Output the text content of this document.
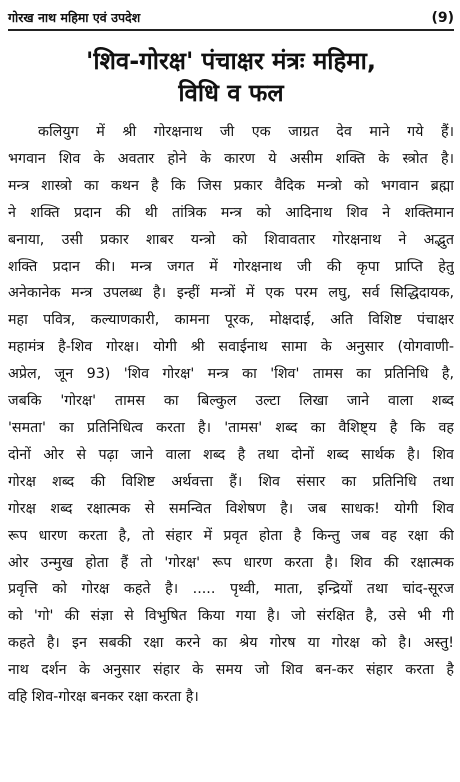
गोरख नाथ महिमा एवं उपदेश	(9)
'शिव-गोरक्ष' पंचाक्षर मंत्रः महिमा,
विधि व फल
कलियुग में श्री गोरक्षनाथ जी एक जाग्रत देव माने गये हैं।
भगवान शिव के अवतार होने के कारण ये असीम शक्ति के स्त्रोत है।
मन्त्र शास्त्रो का कथन है कि जिस प्रकार वैदिक मन्त्रो को भगवान ब्रह्मा
ने शक्ति प्रदान की थी तांत्रिक मन्त्र को आदिनाथ शिव ने शक्तिमान
बनाया, उसी प्रकार शाबर यन्त्रो को शिवावतार गोरक्षनाथ ने अद्भुत
शक्ति प्रदान की। मन्त्र जगत में गोरक्षनाथ जी की कृपा प्राप्ति हेतु
अनेकानेक मन्त्र उपलब्ध है। इन्हीं मन्त्रों में एक परम लघु, सर्व सिद्धिदायक,
महा पवित्र, कल्याणकारी, कामना पूरक, मोक्षदाई, अति विशिष्ट पंचाक्षर
महामंत्र है-शिव गोरक्ष। योगी श्री सवाईनाथ सामा के अनुसार (योगवाणी-
अप्रेल, जून 93) 'शिव गोरक्ष' मन्त्र का 'शिव' तामस का प्रतिनिधि है,
जबकि 'गोरक्ष' तामस का बिल्कुल उल्टा लिखा जाने वाला शब्द
'समता' का प्रतिनिधित्व करता है। 'तामस' शब्द का वैशिष्ट्य है कि वह
दोनों ओर से पढ़ा जाने वाला शब्द है तथा दोनों शब्द सार्थक है। शिव
गोरक्ष शब्द की विशिष्ट अर्थवत्ता हैं। शिव संसार का प्रतिनिधि तथा
गोरक्ष शब्द रक्षात्मक से समन्वित विशेषण है। जब साधक! योगी शिव
रूप धारण करता है, तो संहार में प्रवृत होता है किन्तु जब वह रक्षा की
ओर उन्मुख होता हैं तो 'गोरक्ष' रूप धारण करता है। शिव की रक्षात्मक
प्रवृत्ति को गोरक्ष कहते है। ..... पृथ्वी, माता, इन्द्रियों तथा चांद-सूरज
को 'गो' की संज्ञा से विभुषित किया गया है। जो संरक्षित है, उसे भी गी
कहते है। इन सबकी रक्षा करने का श्रेय गोरष या गोरक्ष को है। अस्तु!
नाथ दर्शन के अनुसार संहार के समय जो शिव बन-कर संहार करता है
वहि शिव-गोरक्ष बनकर रक्षा करता है।
